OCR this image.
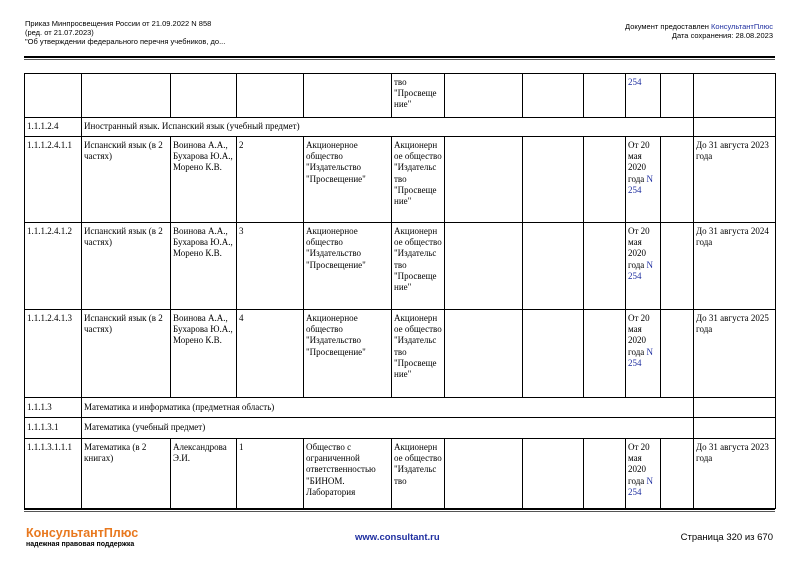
Приказ Минпросвещения России от 21.09.2022 N 858
(ред. от 21.07.2023)
"Об утверждении федерального перечня учебников, до...
Документ предоставлен КонсультантПлюс
Дата сохранения: 28.08.2023
					тво "Просвеще ние"				254		
1.1.1.2.4	Иностранный язык. Испанский язык (учебный предмет)										
1.1.1.2.4.1.1	Испанский язык (в 2 частях)	Воинова А.А., Бухарова Ю.А., Морено К.В.	2	Акционерное общество "Издательство "Просвещение"	Акционерн ое общество "Издательс тво "Просвеще ние"				От 20 мая 2020 года N 254		До 31 августа 2023 года
1.1.1.2.4.1.2	Испанский язык (в 2 частях)	Воинова А.А., Бухарова Ю.А., Морено К.В.	3	Акционерное общество "Издательство "Просвещение"	Акционерн ое общество "Издательс тво "Просвеще ние"				От 20 мая 2020 года N 254		До 31 августа 2024 года
1.1.1.2.4.1.3	Испанский язык (в 2 частях)	Воинова А.А., Бухарова Ю.А., Морено К.В.	4	Акционерное общество "Издательство "Просвещение"	Акционерн ое общество "Издательс тво "Просвеще ние"				От 20 мая 2020 года N 254		До 31 августа 2025 года
1.1.1.3	Математика и информатика (предметная область)										
1.1.1.3.1	Математика (учебный предмет)										
1.1.1.3.1.1.1	Математика (в 2 книгах)	Александрова Э.И.	1	Общество с ограниченной ответственностью "БИНОМ. Лаборатория	Акционерн ое общество "Издательс тво				От 20 мая 2020 года N 254		До 31 августа 2023 года
КонсультантПлюс
надежная правовая поддержка
www.consultant.ru	Страница 320 из 670
